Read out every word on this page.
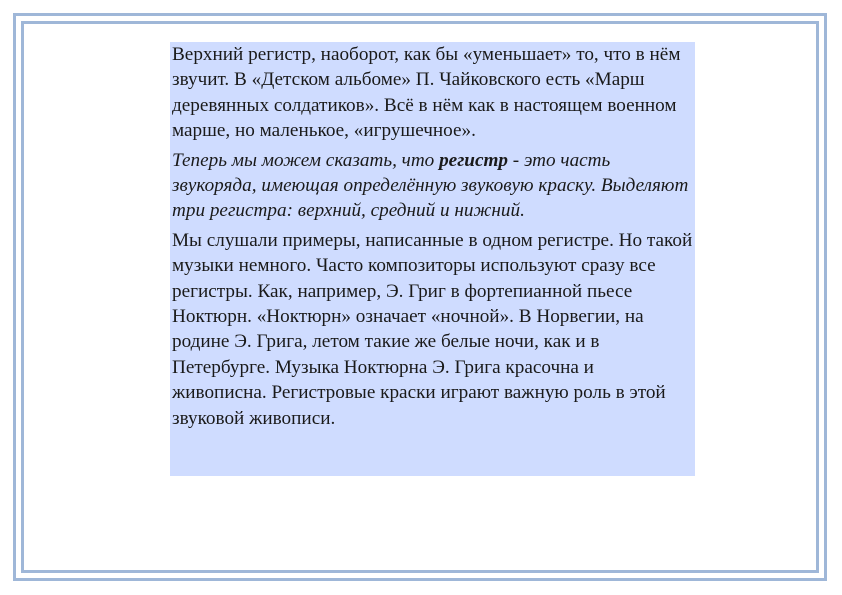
Верхний регистр, наоборот, как бы «уменьшает» то, что в нём звучит. В «Детском альбоме» П. Чайковского есть «Марш деревянных солдатиков». Всё в нём как в настоящем военном марше, но маленькое, «игрушечное».

Теперь мы можем сказать, что регистр - это часть звукоряда, имеющая определённую звуковую краску. Выделяют три регистра: верхний, средний и нижний.

Мы слушали примеры, написанные в одном регистре. Но такой музыки немного. Часто композиторы используют сразу все регистры. Как, например, Э. Григ в фортепианной пьесе Ноктюрн. «Ноктюрн» означает «ночной». В Норвегии, на родине Э. Грига, летом такие же белые ночи, как и в Петербурге. Музыка Ноктюрна Э. Грига красочна и живописна. Регистровые краски играют важную роль в этой звуковой живописи.
